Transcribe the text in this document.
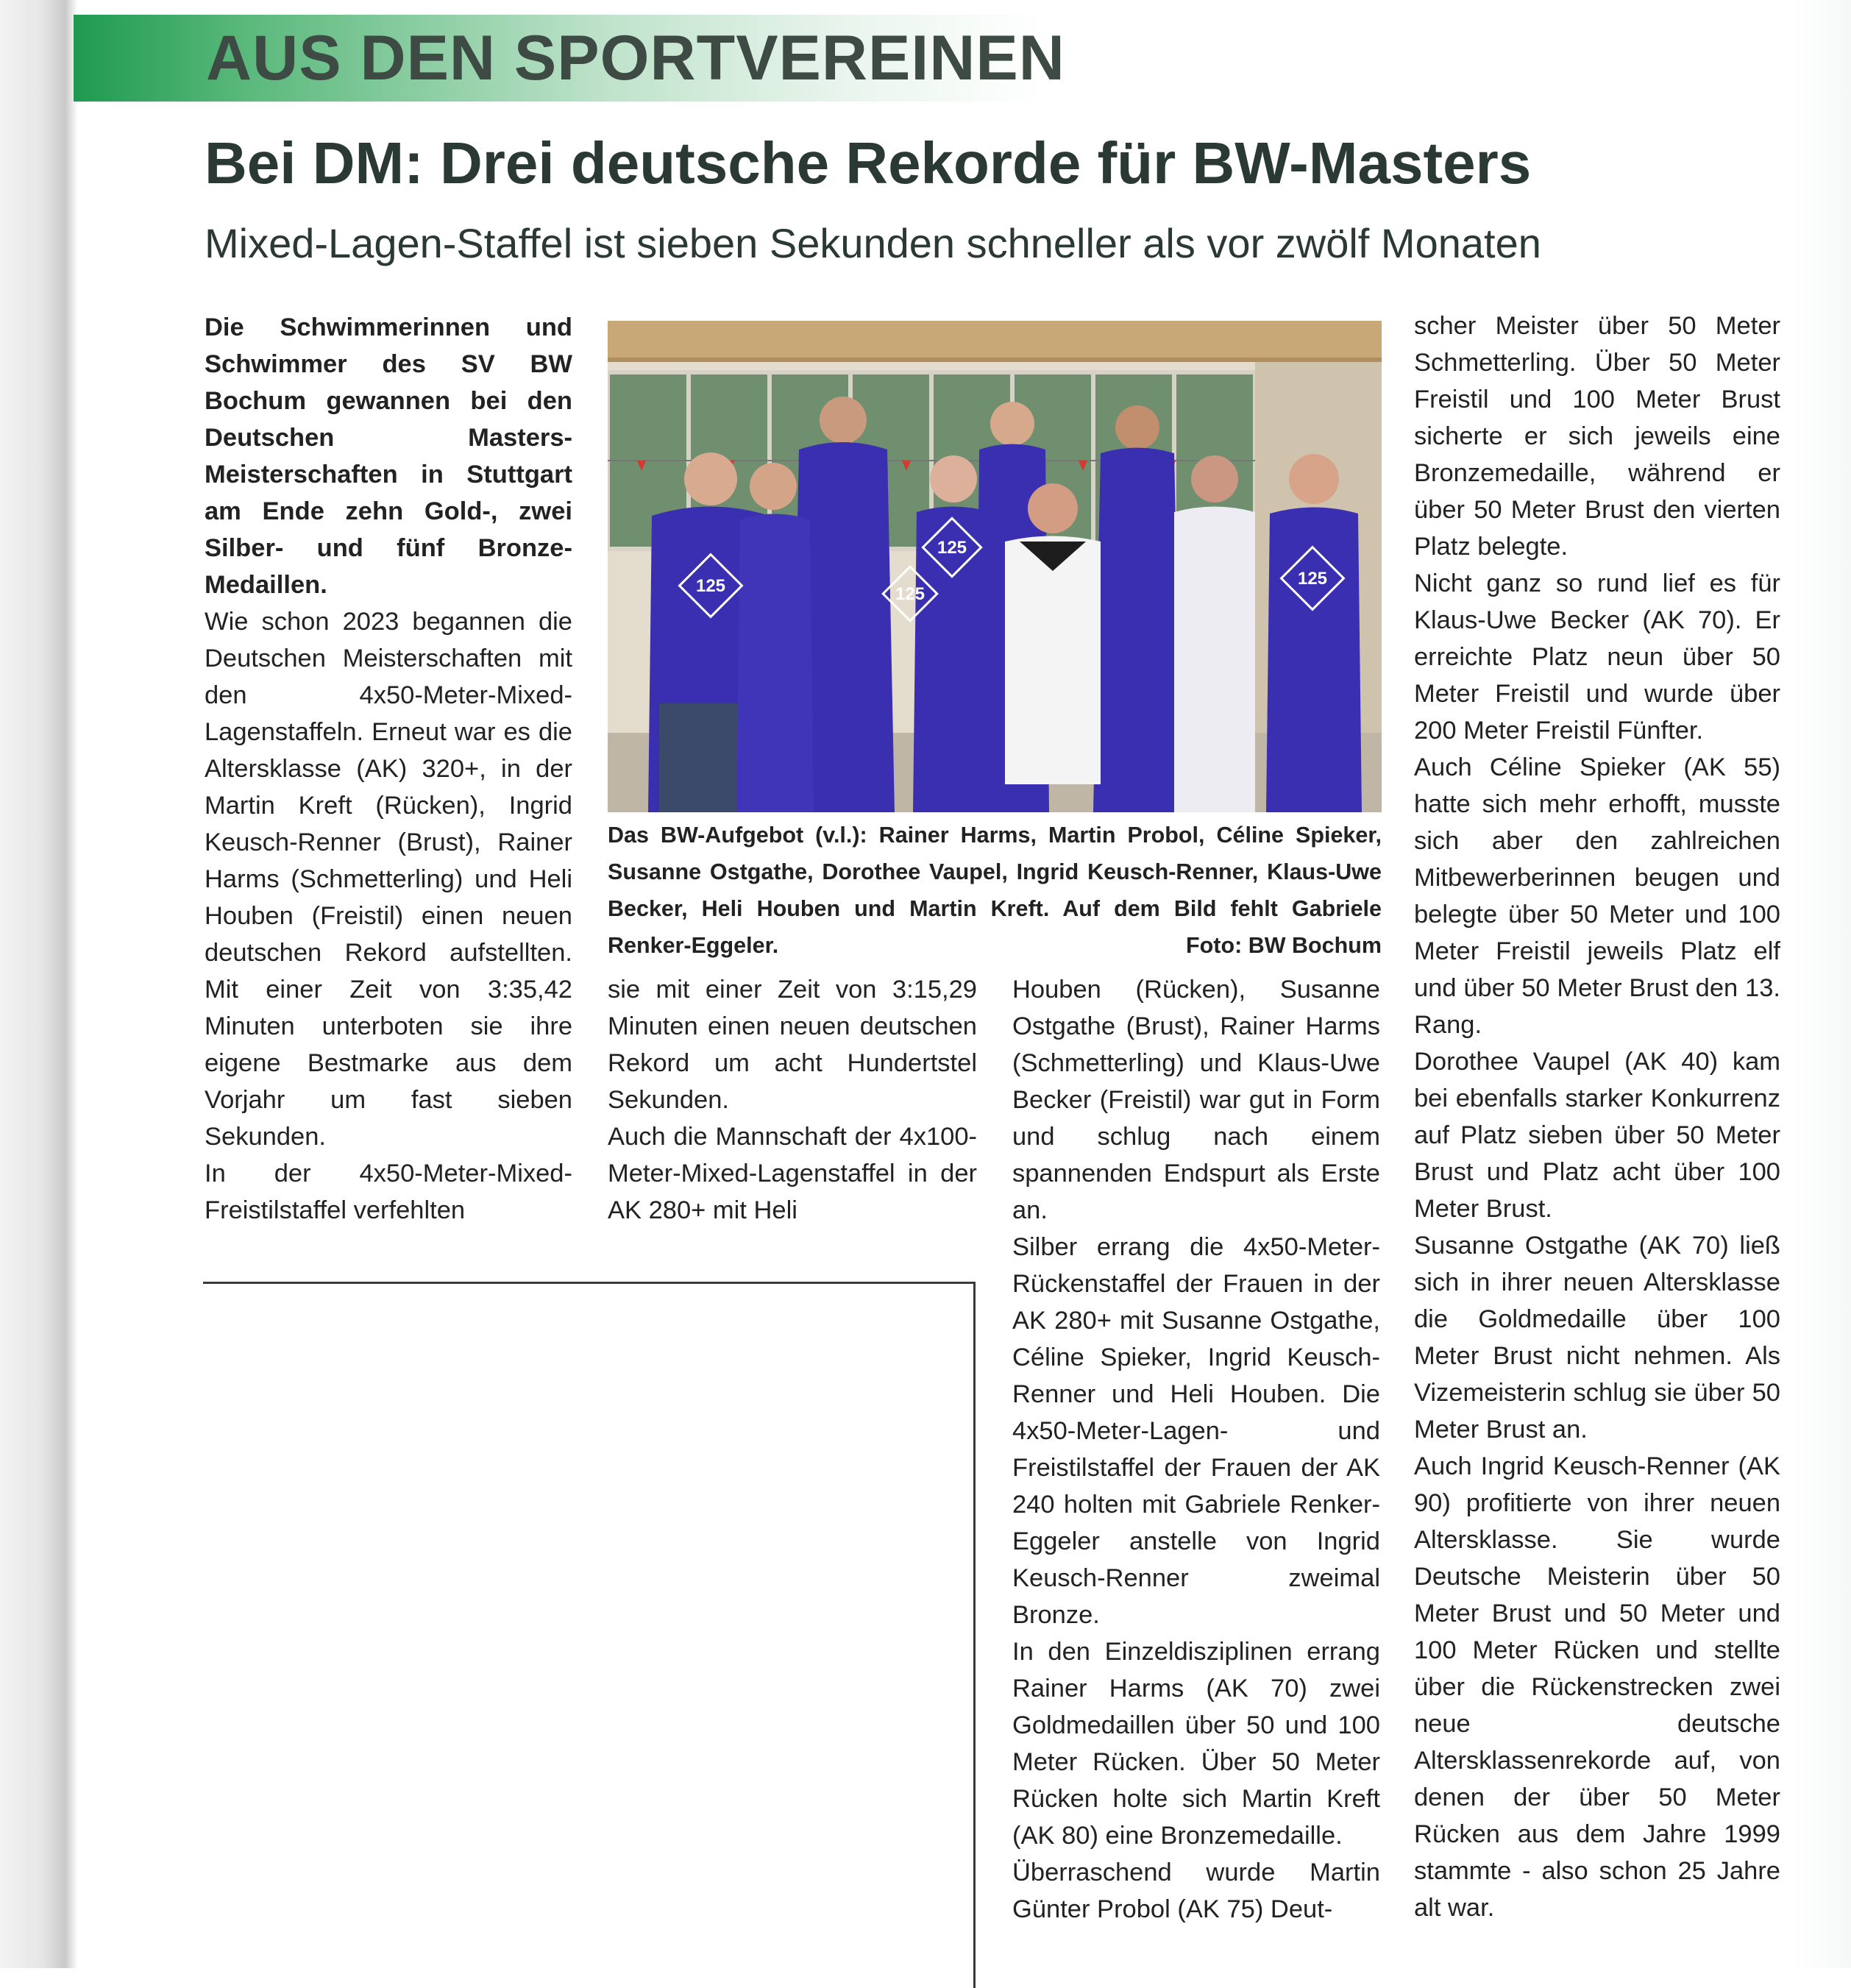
AUS DEN SPORTVEREINEN
Bei DM: Drei deutsche Rekorde für BW-Masters
Mixed-Lagen-Staffel ist sieben Sekunden schneller als vor zwölf Monaten

Die Schwimmerinnen und Schwimmer des SV BW Bochum gewannen bei den Deutschen Masters-Meisterschaften in Stuttgart am Ende zehn Gold-, zwei Silber- und fünf Bronze-Medaillen.

Wie schon 2023 begannen die Deutschen Meisterschaften mit den 4x50-Meter-Mixed-Lagenstaffeln. Erneut war es die Altersklasse (AK) 320+, in der Martin Kreft (Rücken), Ingrid Keusch-Renner (Brust), Rainer Harms (Schmetterling) und Heli Houben (Freistil) einen neuen deutschen Rekord aufstellten. Mit einer Zeit von 3:35,42 Minuten unterboten sie ihre eigene Bestmarke aus dem Vorjahr um fast sieben Sekunden.

In der 4x50-Meter-Mixed-Freistilstaffel verfehlten

125
125
125
125
Das BW-Aufgebot (v.l.): Rainer Harms, Martin Probol, Céline Spieker, Susanne Ostgathe, Dorothee Vaupel, Ingrid Keusch-Renner, Klaus-Uwe Becker, Heli Houben und Martin Kreft. Auf dem Bild fehlt Gabriele Renker-Eggeler.	Foto: BW Bochum

sie mit einer Zeit von 3:15,29 Minuten einen neuen deutschen Rekord um acht Hundertstel Sekunden.

Auch die Mannschaft der 4x100-Meter-Mixed-Lagenstaffel in der AK 280+ mit Heli

Houben (Rücken), Susanne Ostgathe (Brust), Rainer Harms (Schmetterling) und Klaus-Uwe Becker (Freistil) war gut in Form und schlug nach einem spannenden Endspurt als Erste an.

Silber errang die 4x50-Meter-Rückenstaffel der Frauen in der AK 280+ mit Susanne Ostgathe, Céline Spieker, Ingrid Keusch-Renner und Heli Houben. Die 4x50-Meter-Lagen- und Freistilstaffel der Frauen der AK 240 holten mit Gabriele Renker-Eggeler anstelle von Ingrid Keusch-Renner zweimal Bronze.

In den Einzeldisziplinen errang Rainer Harms (AK 70) zwei Goldmedaillen über 50 und 100 Meter Rücken. Über 50 Meter Rücken holte sich Martin Kreft (AK 80) eine Bronzemedaille.

Überraschend wurde Martin Günter Probol (AK 75) Deut-

scher Meister über 50 Meter Schmetterling. Über 50 Meter Freistil und 100 Meter Brust sicherte er sich jeweils eine Bronzemedaille, während er über 50 Meter Brust den vierten Platz belegte.

Nicht ganz so rund lief es für Klaus-Uwe Becker (AK 70). Er erreichte Platz neun über 50 Meter Freistil und wurde über 200 Meter Freistil Fünfter.

Auch Céline Spieker (AK 55) hatte sich mehr erhofft, musste sich aber den zahlreichen Mitbewerberinnen beugen und belegte über 50 Meter und 100 Meter Freistil jeweils Platz elf und über 50 Meter Brust den 13. Rang.

Dorothee Vaupel (AK 40) kam bei ebenfalls starker Konkurrenz auf Platz sieben über 50 Meter Brust und Platz acht über 100 Meter Brust.

Susanne Ostgathe (AK 70) ließ sich in ihrer neuen Altersklasse die Goldmedaille über 100 Meter Brust nicht nehmen. Als Vizemeisterin schlug sie über 50 Meter Brust an.

Auch Ingrid Keusch-Renner (AK 90) profitierte von ihrer neuen Altersklasse. Sie wurde Deutsche Meisterin über 50 Meter Brust und 50 Meter und 100 Meter Rücken und stellte über die Rückenstrecken zwei neue deutsche Altersklassenrekorde auf, von denen der über 50 Meter Rücken aus dem Jahre 1999 stammte - also schon 25 Jahre alt war.
